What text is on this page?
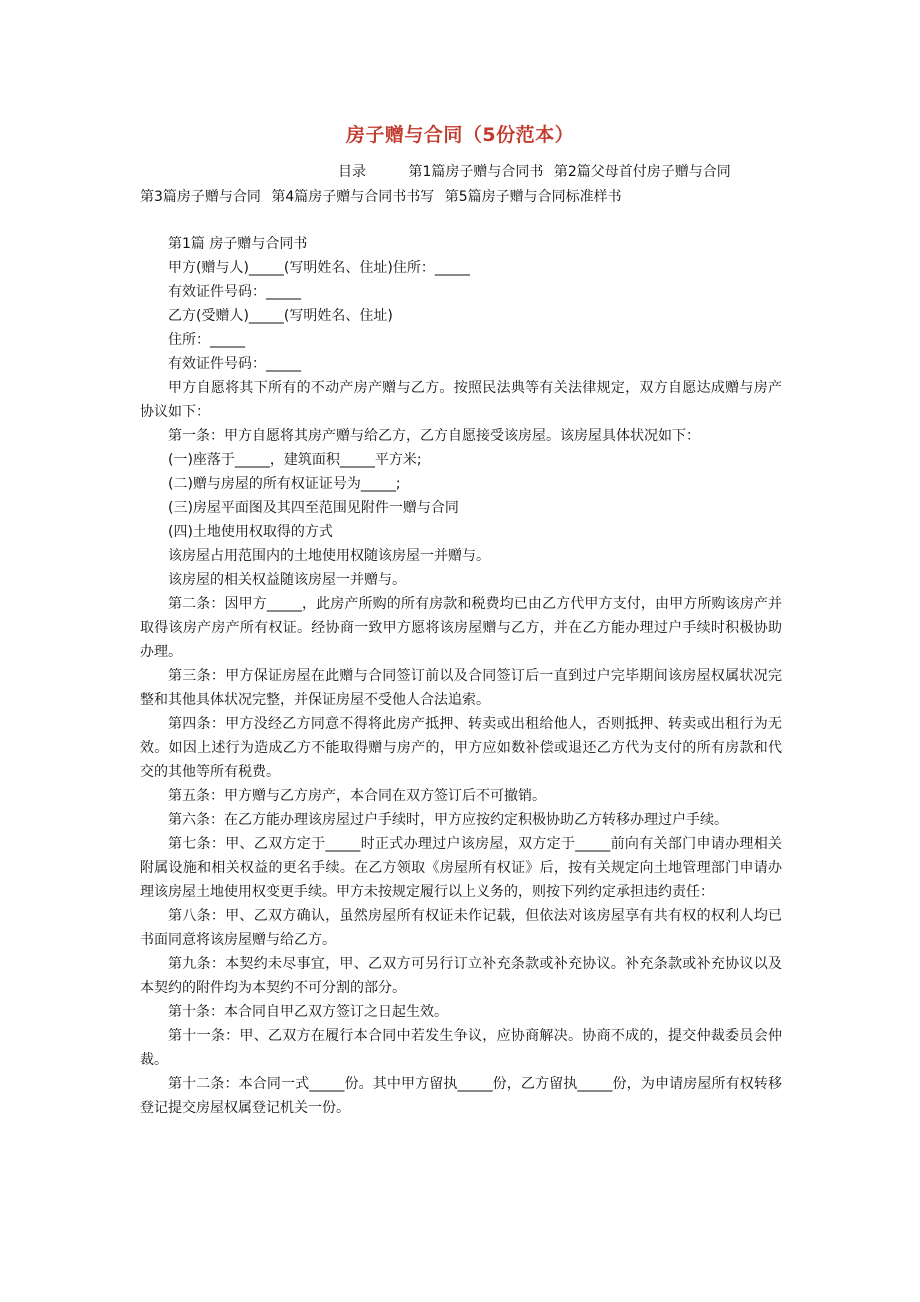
房子赠与合同（5份范本）
目录	第1篇房子赠与合同书 第2篇父母首付房子赠与合同
第3篇房子赠与合同 第4篇房子赠与合同书书写 第5篇房子赠与合同标准样书

第1篇 房子赠与合同书

甲方(赠与人)_____(写明姓名、住址)住所：_____

有效证件号码：_____

乙方(受赠人)_____(写明姓名、住址)

住所：_____

有效证件号码：_____

甲方自愿将其下所有的不动产房产赠与乙方。按照民法典等有关法律规定，双方自愿达成赠与房产协议如下：

第一条：甲方自愿将其房产赠与给乙方，乙方自愿接受该房屋。该房屋具体状况如下：

(一)座落于_____，建筑面积_____平方米;

(二)赠与房屋的所有权证证号为_____;

(三)房屋平面图及其四至范围见附件一赠与合同

(四)土地使用权取得的方式

该房屋占用范围内的土地使用权随该房屋一并赠与。

该房屋的相关权益随该房屋一并赠与。

第二条：因甲方_____，此房产所购的所有房款和税费均已由乙方代甲方支付，由甲方所购该房产并取得该房产房产所有权证。经协商一致甲方愿将该房屋赠与乙方，并在乙方能办理过户手续时积极协助办理。

第三条：甲方保证房屋在此赠与合同签订前以及合同签订后一直到过户完毕期间该房屋权属状况完整和其他具体状况完整，并保证房屋不受他人合法追索。

第四条：甲方没经乙方同意不得将此房产抵押、转卖或出租给他人，否则抵押、转卖或出租行为无效。如因上述行为造成乙方不能取得赠与房产的，甲方应如数补偿或退还乙方代为支付的所有房款和代交的其他等所有税费。

第五条：甲方赠与乙方房产，本合同在双方签订后不可撤销。

第六条：在乙方能办理该房屋过户手续时，甲方应按约定积极协助乙方转移办理过户手续。

第七条：甲、乙双方定于_____时正式办理过户该房屋，双方定于_____前向有关部门申请办理相关附属设施和相关权益的更名手续。在乙方领取《房屋所有权证》后，按有关规定向土地管理部门申请办理该房屋土地使用权变更手续。甲方未按规定履行以上义务的，则按下列约定承担违约责任：

第八条：甲、乙双方确认，虽然房屋所有权证未作记载，但依法对该房屋享有共有权的权利人均已书面同意将该房屋赠与给乙方。

第九条：本契约未尽事宜，甲、乙双方可另行订立补充条款或补充协议。补充条款或补充协议以及本契约的附件均为本契约不可分割的部分。

第十条：本合同自甲乙双方签订之日起生效。

第十一条：甲、乙双方在履行本合同中若发生争议，应协商解决。协商不成的，提交仲裁委员会仲裁。

第十二条：本合同一式_____份。其中甲方留执_____份，乙方留执_____份，为申请房屋所有权转移登记提交房屋权属登记机关一份。
